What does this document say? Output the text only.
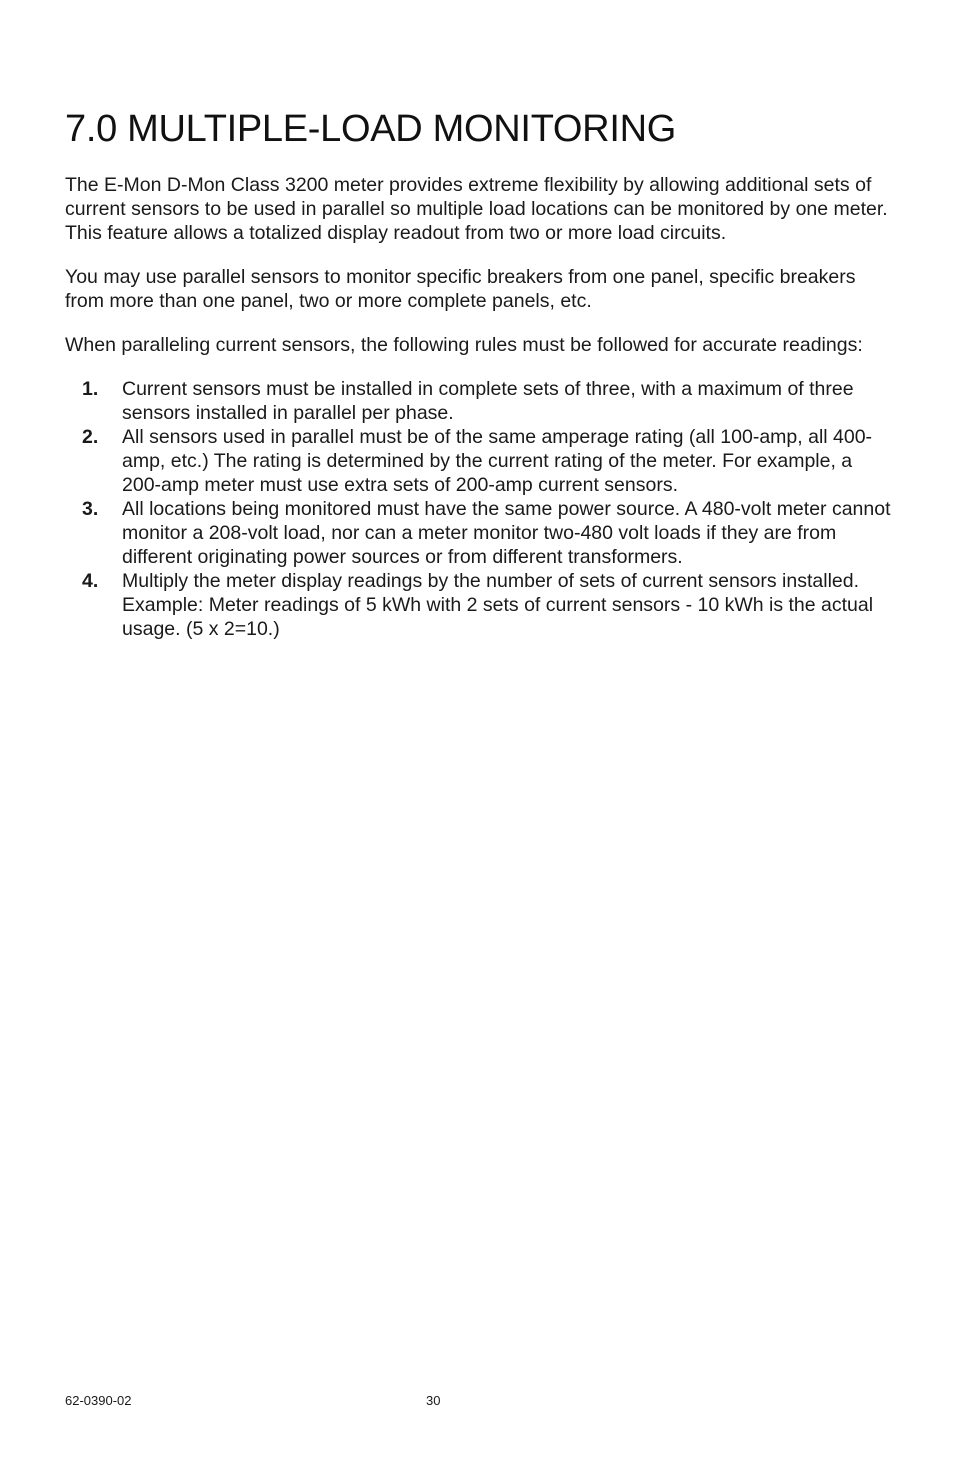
7.0 MULTIPLE-LOAD MONITORING

The E-Mon D-Mon Class 3200 meter provides extreme flexibility by allowing additional sets of current sensors to be used in parallel so multiple load locations can be monitored by one meter. This feature allows a totalized display readout from two or more load circuits.

You may use parallel sensors to monitor specific breakers from one panel, specific breakers from more than one panel, two or more complete panels, etc.

When paralleling current sensors, the following rules must be followed for accurate readings:

1. Current sensors must be installed in complete sets of three, with a maximum of three sensors installed in parallel per phase.
2. All sensors used in parallel must be of the same amperage rating (all 100-amp, all 400-amp, etc.) The rating is determined by the current rating of the meter. For example, a 200-amp meter must use extra sets of 200-amp current sensors.
3. All locations being monitored must have the same power source. A 480-volt meter cannot monitor a 208-volt load, nor can a meter monitor two-480 volt loads if they are from different originating power sources or from different transformers.
4. Multiply the meter display readings by the number of sets of current sensors installed. Example: Meter readings of 5 kWh with 2 sets of current sensors - 10 kWh is the actual usage. (5 x 2=10.)
62-0390-02	30
